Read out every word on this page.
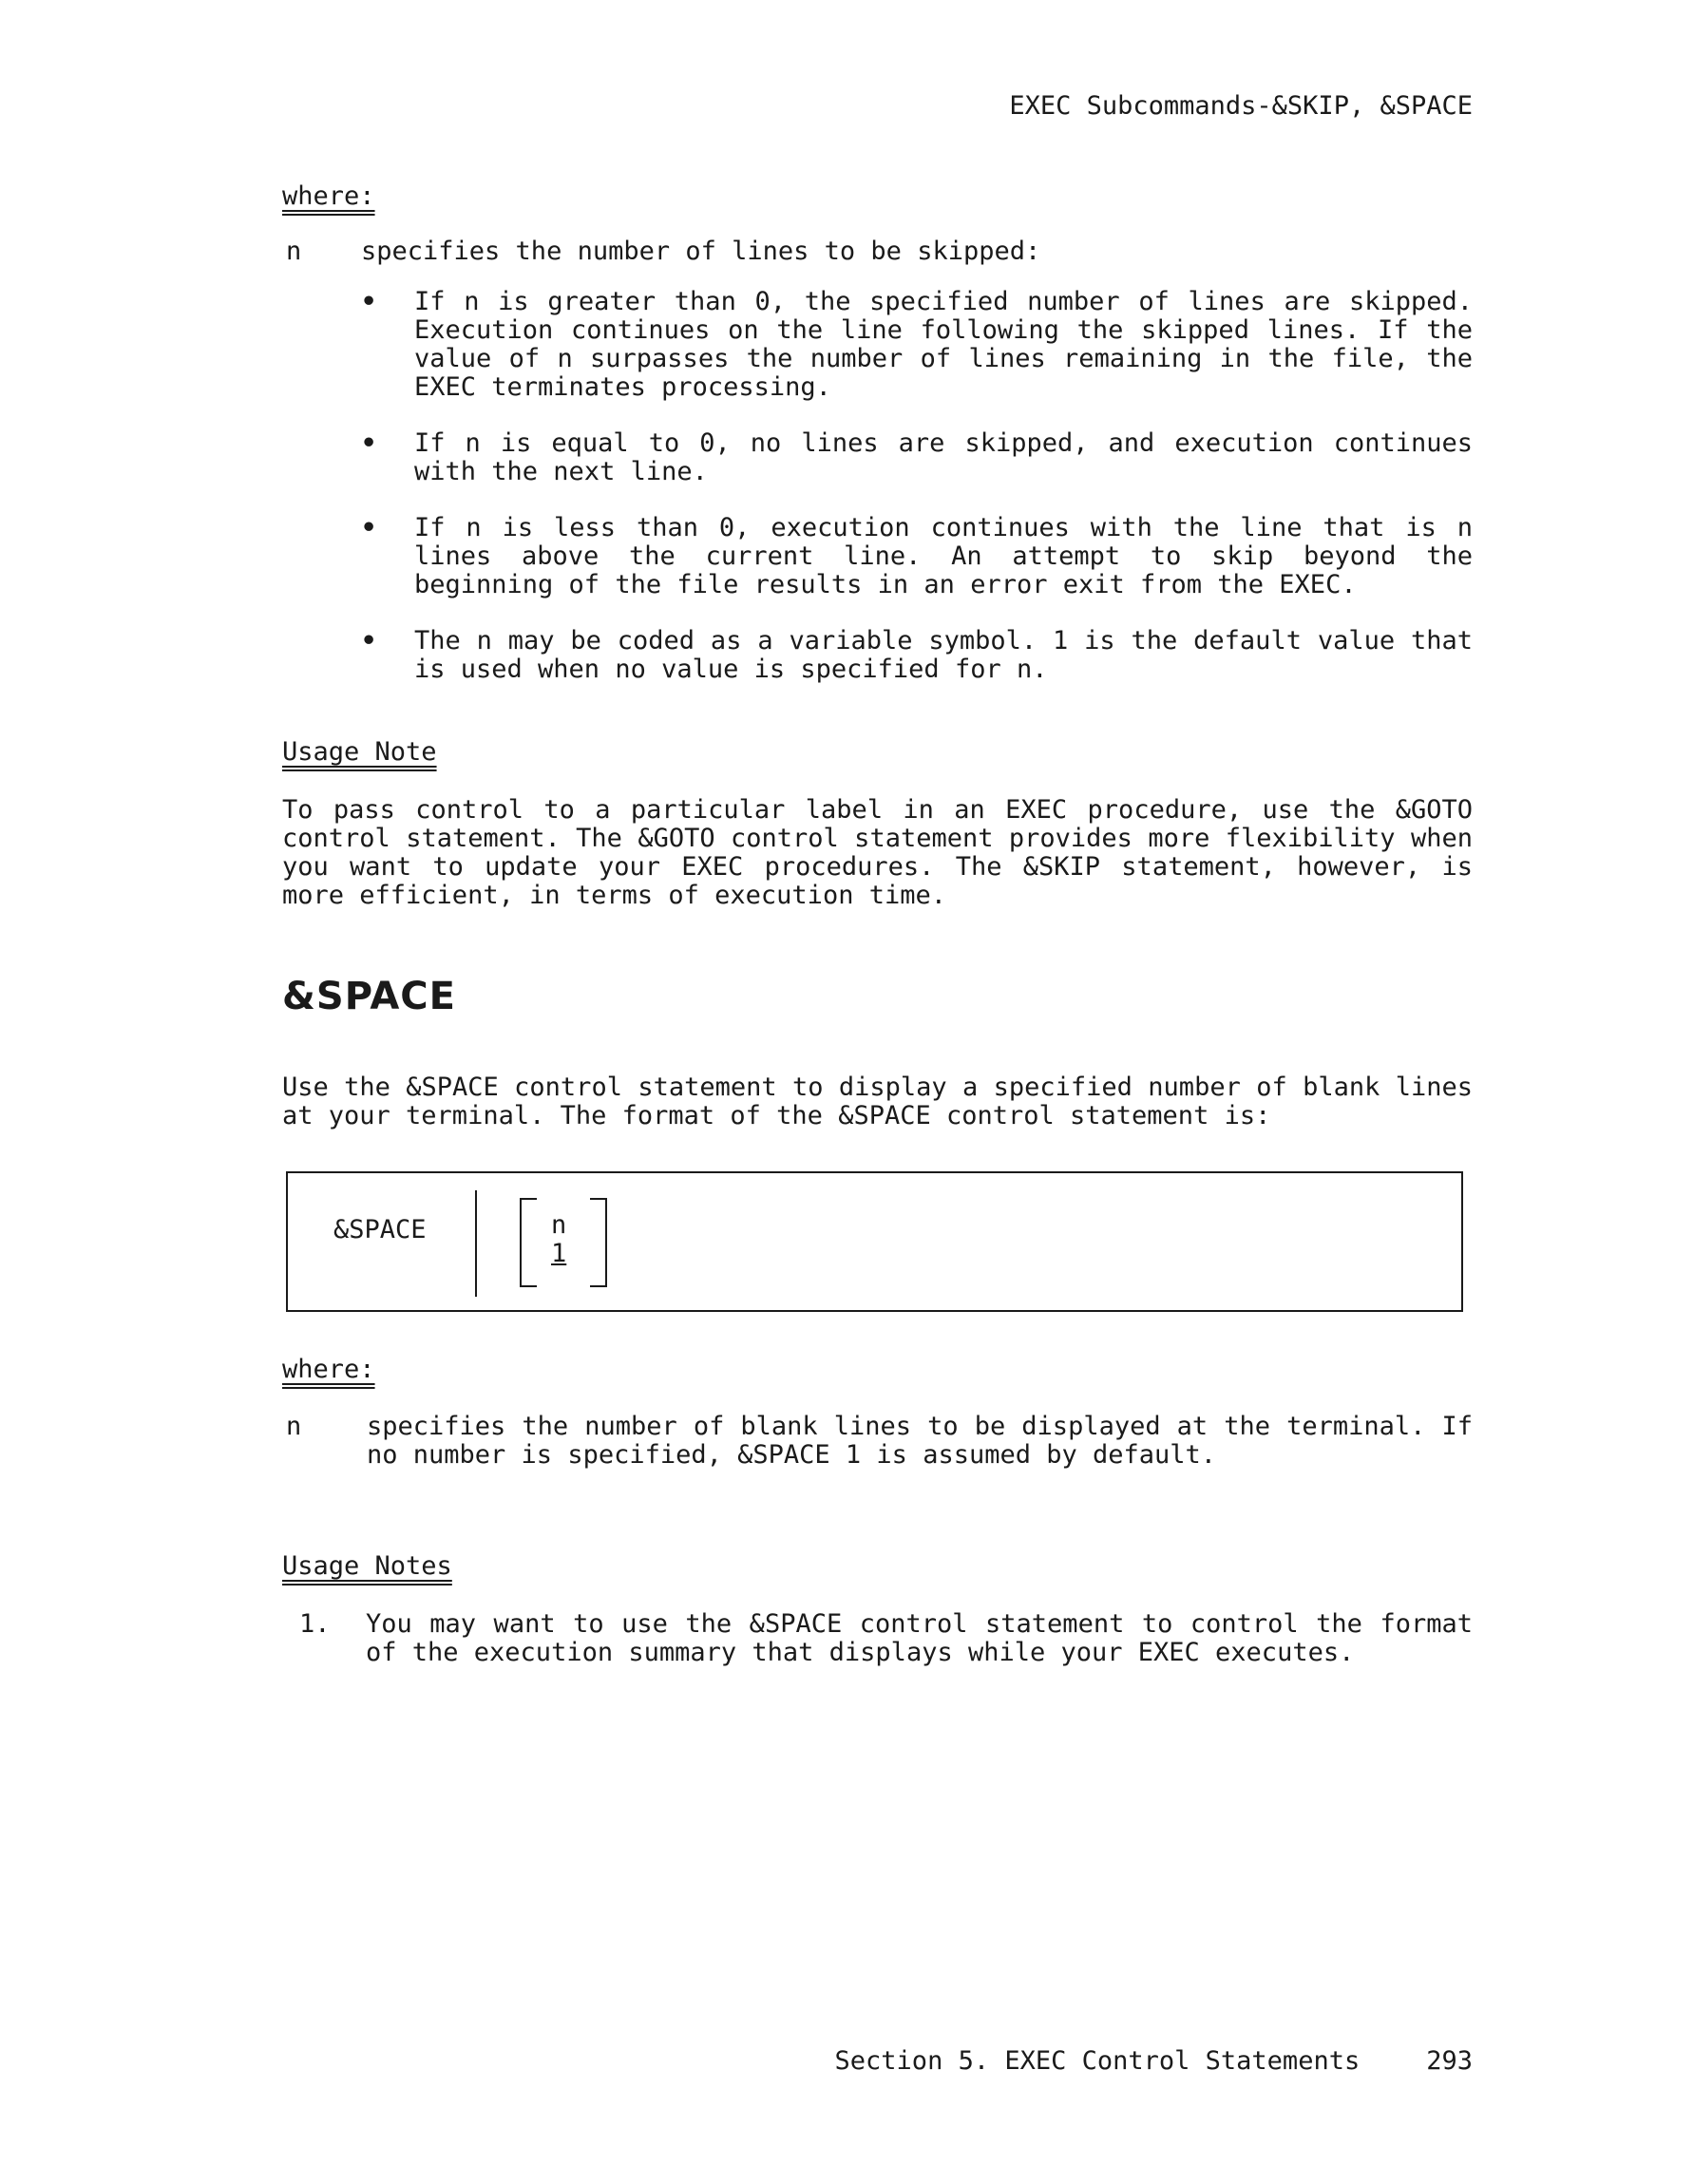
EXEC Subcommands-&SKIP, &SPACE
where:
n specifies the number of lines to be skipped:
• If n is greater than 0, the specified number of lines are skipped. Execution continues on the line following the skipped lines. If the value of n surpasses the number of lines remaining in the file, the EXEC terminates processing.
• If n is equal to 0, no lines are skipped, and execution continues with the next line.
• If n is less than 0, execution continues with the line that is n lines above the current line. An attempt to skip beyond the beginning of the file results in an error exit from the EXEC.
• The n may be coded as a variable symbol. 1 is the default value that is used when no value is specified for n.
Usage Note
To pass control to a particular label in an EXEC procedure, use the &GOTO control statement. The &GOTO control statement provides more flexibility when you want to update your EXEC procedures. The &SKIP statement, however, is more efficient, in terms of execution time.
&SPACE
Use the &SPACE control statement to display a specified number of blank lines at your terminal. The format of the &SPACE control statement is:
&SPACE	n
1
where:
n	specifies the number of blank lines to be displayed at the terminal. If no number is specified, &SPACE 1 is assumed by default.
Usage Notes
1. You may want to use the &SPACE control statement to control the format of the execution summary that displays while your EXEC executes.
Section 5. EXEC Control Statements	293
